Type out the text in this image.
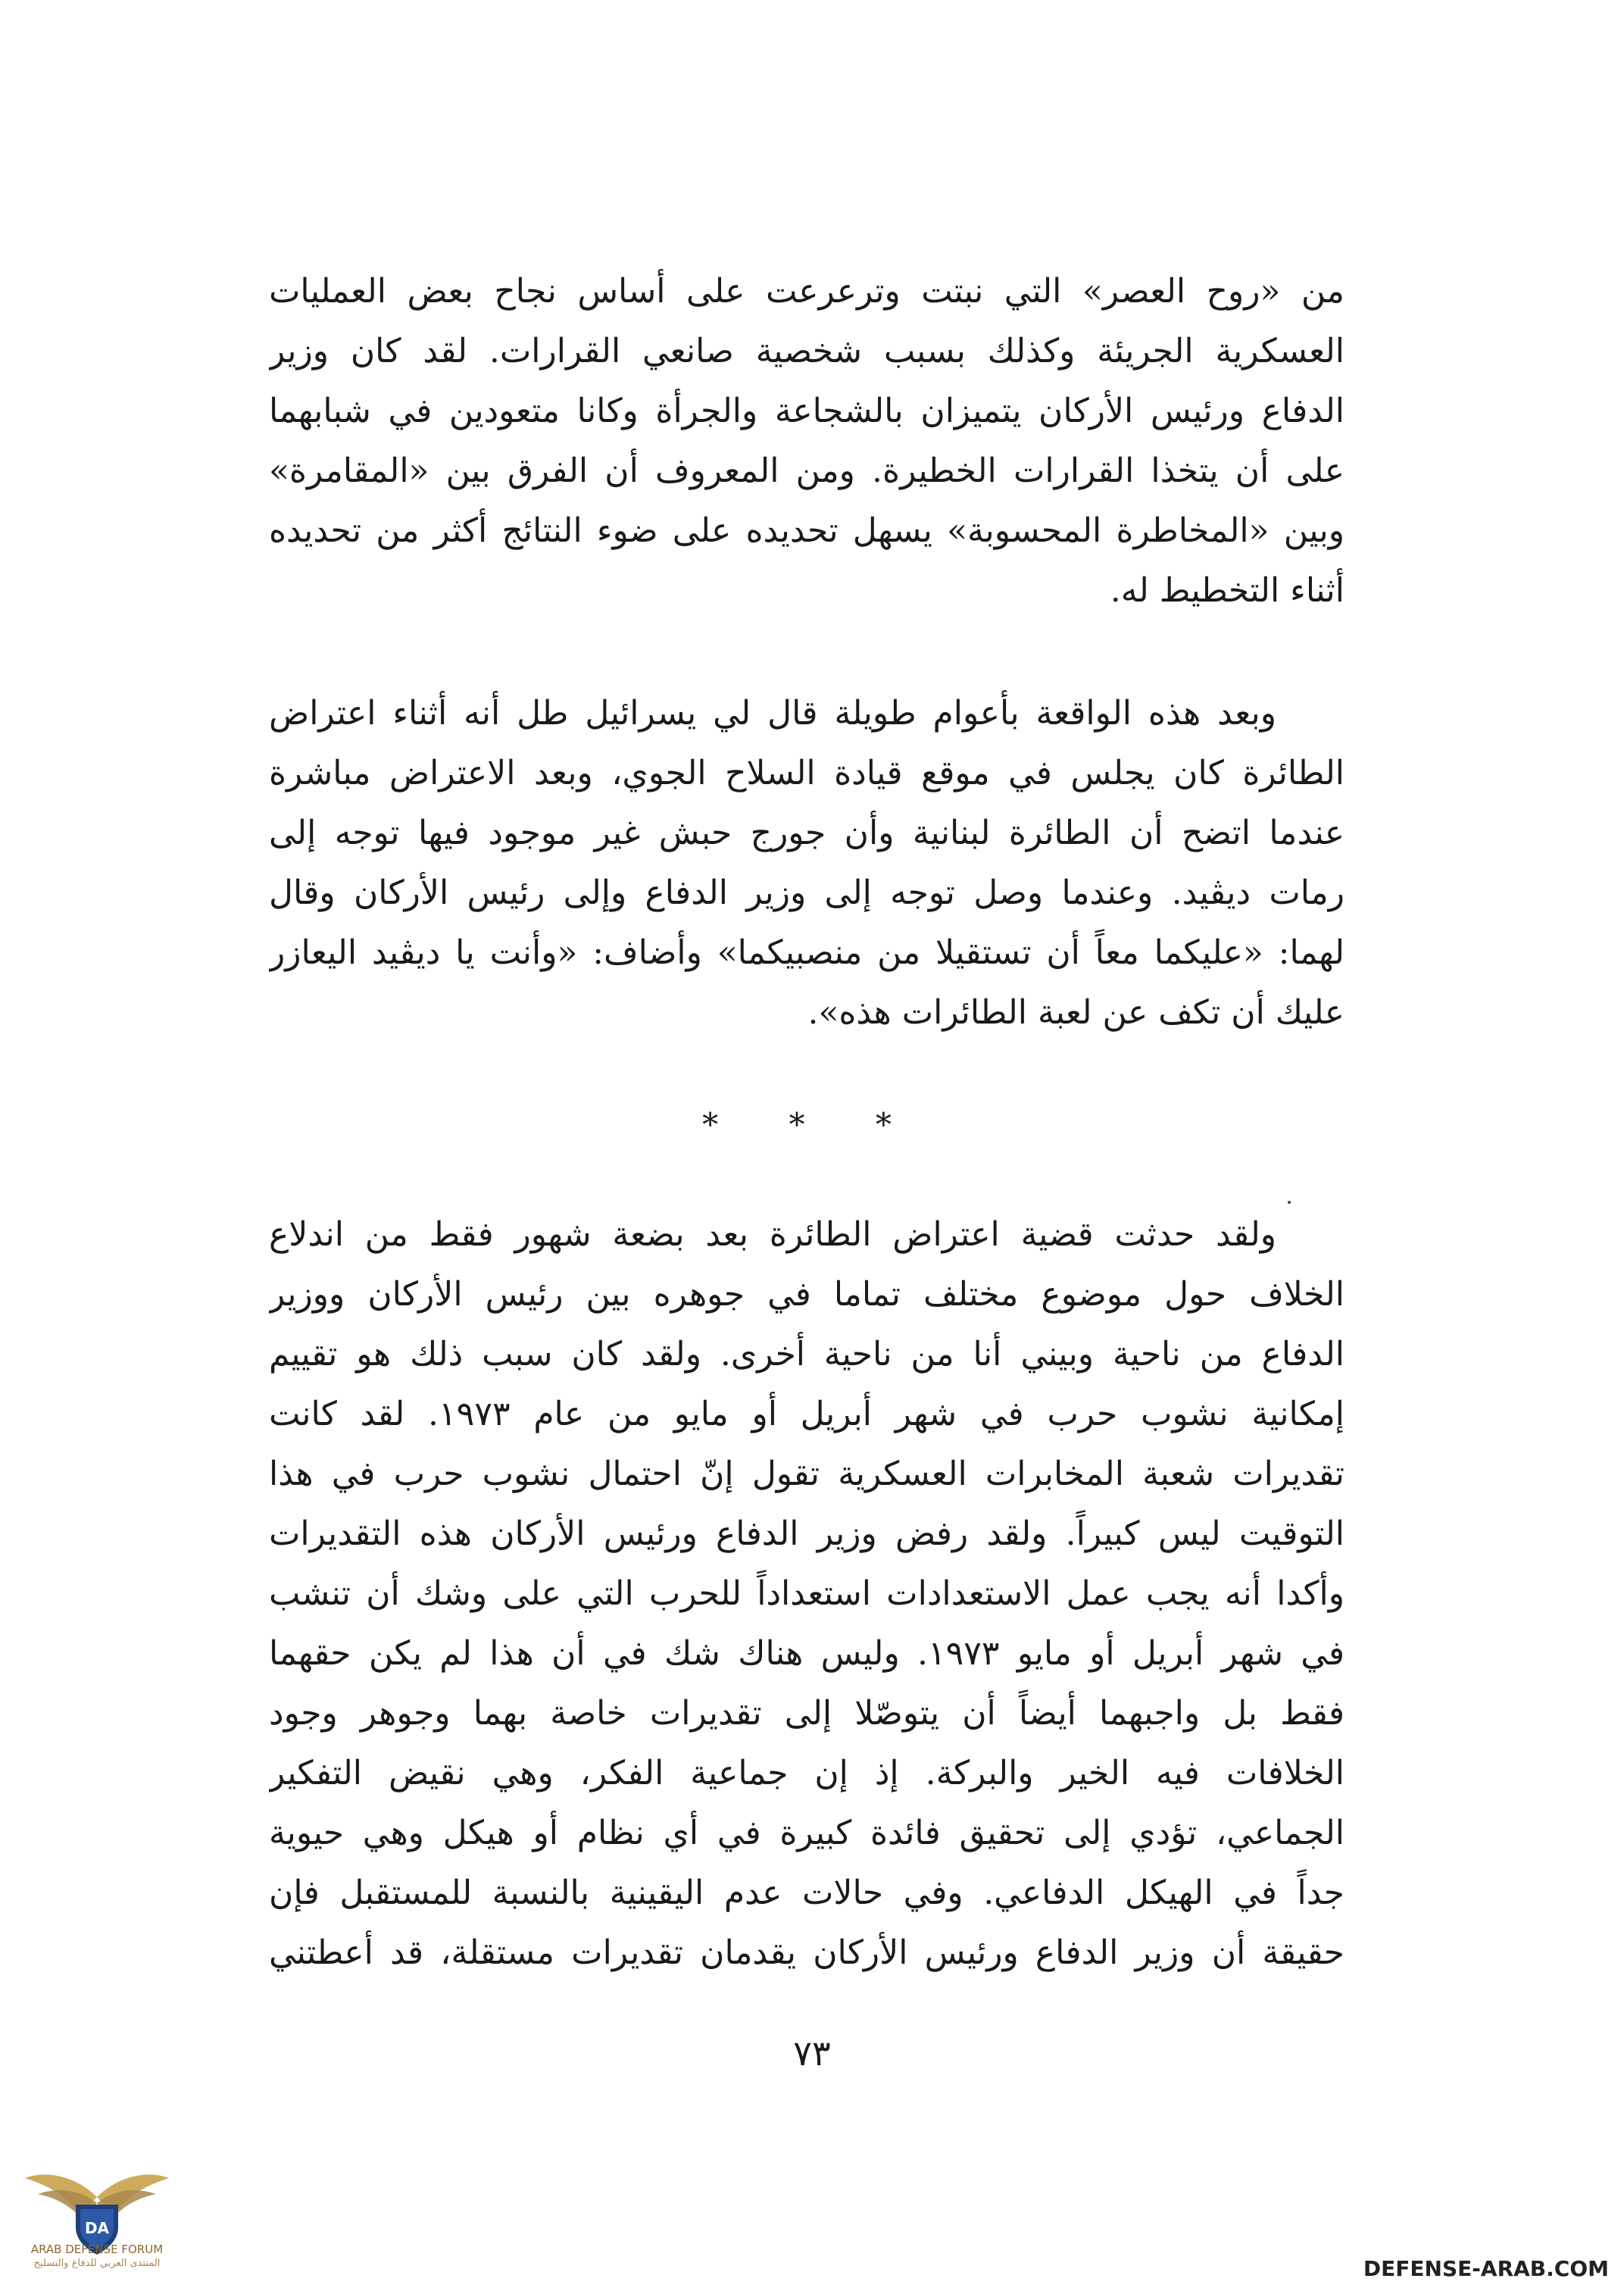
من «روح العصر» التي نبتت وترعرعت على أساس نجاح بعض العمليات
العسكرية الجريئة وكذلك بسبب شخصية صانعي القرارات. لقد كان وزير
الدفاع ورئيس الأركان يتميزان بالشجاعة والجرأة وكانا متعودين في شبابهما
على أن يتخذا القرارات الخطيرة. ومن المعروف أن الفرق بين «المقامرة»
وبين «المخاطرة المحسوبة» يسهل تحديده على ضوء النتائج أكثر من تحديده
أثناء التخطيط له.
وبعد هذه الواقعة بأعوام طويلة قال لي يسرائيل طل أنه أثناء اعتراض
الطائرة كان يجلس في موقع قيادة السلاح الجوي، وبعد الاعتراض مباشرة
عندما اتضح أن الطائرة لبنانية وأن جورج حبش غير موجود فيها توجه إلى
رمات ديڤيد. وعندما وصل توجه إلى وزير الدفاع وإلى رئيس الأركان وقال
لهما: «عليكما معاً أن تستقيلا من منصبيكما» وأضاف: «وأنت يا ديڤيد اليعازر
عليك أن تكف عن لعبة الطائرات هذه».
* * *
ولقد حدثت قضية اعتراض الطائرة بعد بضعة شهور فقط من اندلاع
الخلاف حول موضوع مختلف تماما في جوهره بين رئيس الأركان ووزير
الدفاع من ناحية وبيني أنا من ناحية أخرى. ولقد كان سبب ذلك هو تقييم
إمكانية نشوب حرب في شهر أبريل أو مايو من عام ١٩٧٣. لقد كانت
تقديرات شعبة المخابرات العسكرية تقول إنّ احتمال نشوب حرب في هذا
التوقيت ليس كبيراً. ولقد رفض وزير الدفاع ورئيس الأركان هذه التقديرات
وأكدا أنه يجب عمل الاستعدادات استعداداً للحرب التي على وشك أن تنشب
في شهر أبريل أو مايو ١٩٧٣. وليس هناك شك في أن هذا لم يكن حقهما
فقط بل واجبهما أيضاً أن يتوصّلا إلى تقديرات خاصة بهما وجوهر وجود
الخلافات فيه الخير والبركة. إذ إن جماعية الفكر، وهي نقيض التفكير
الجماعي، تؤدي إلى تحقيق فائدة كبيرة في أي نظام أو هيكل وهي حيوية
جداً في الهيكل الدفاعي. وفي حالات عدم اليقينية بالنسبة للمستقبل فإن
حقيقة أن وزير الدفاع ورئيس الأركان يقدمان تقديرات مستقلة، قد أعطتني
٧٣
DA
ARAB DEFENSE FORUM
المنتدى العربي للدفاع والتسليح	DEFENSE-ARAB.COM
